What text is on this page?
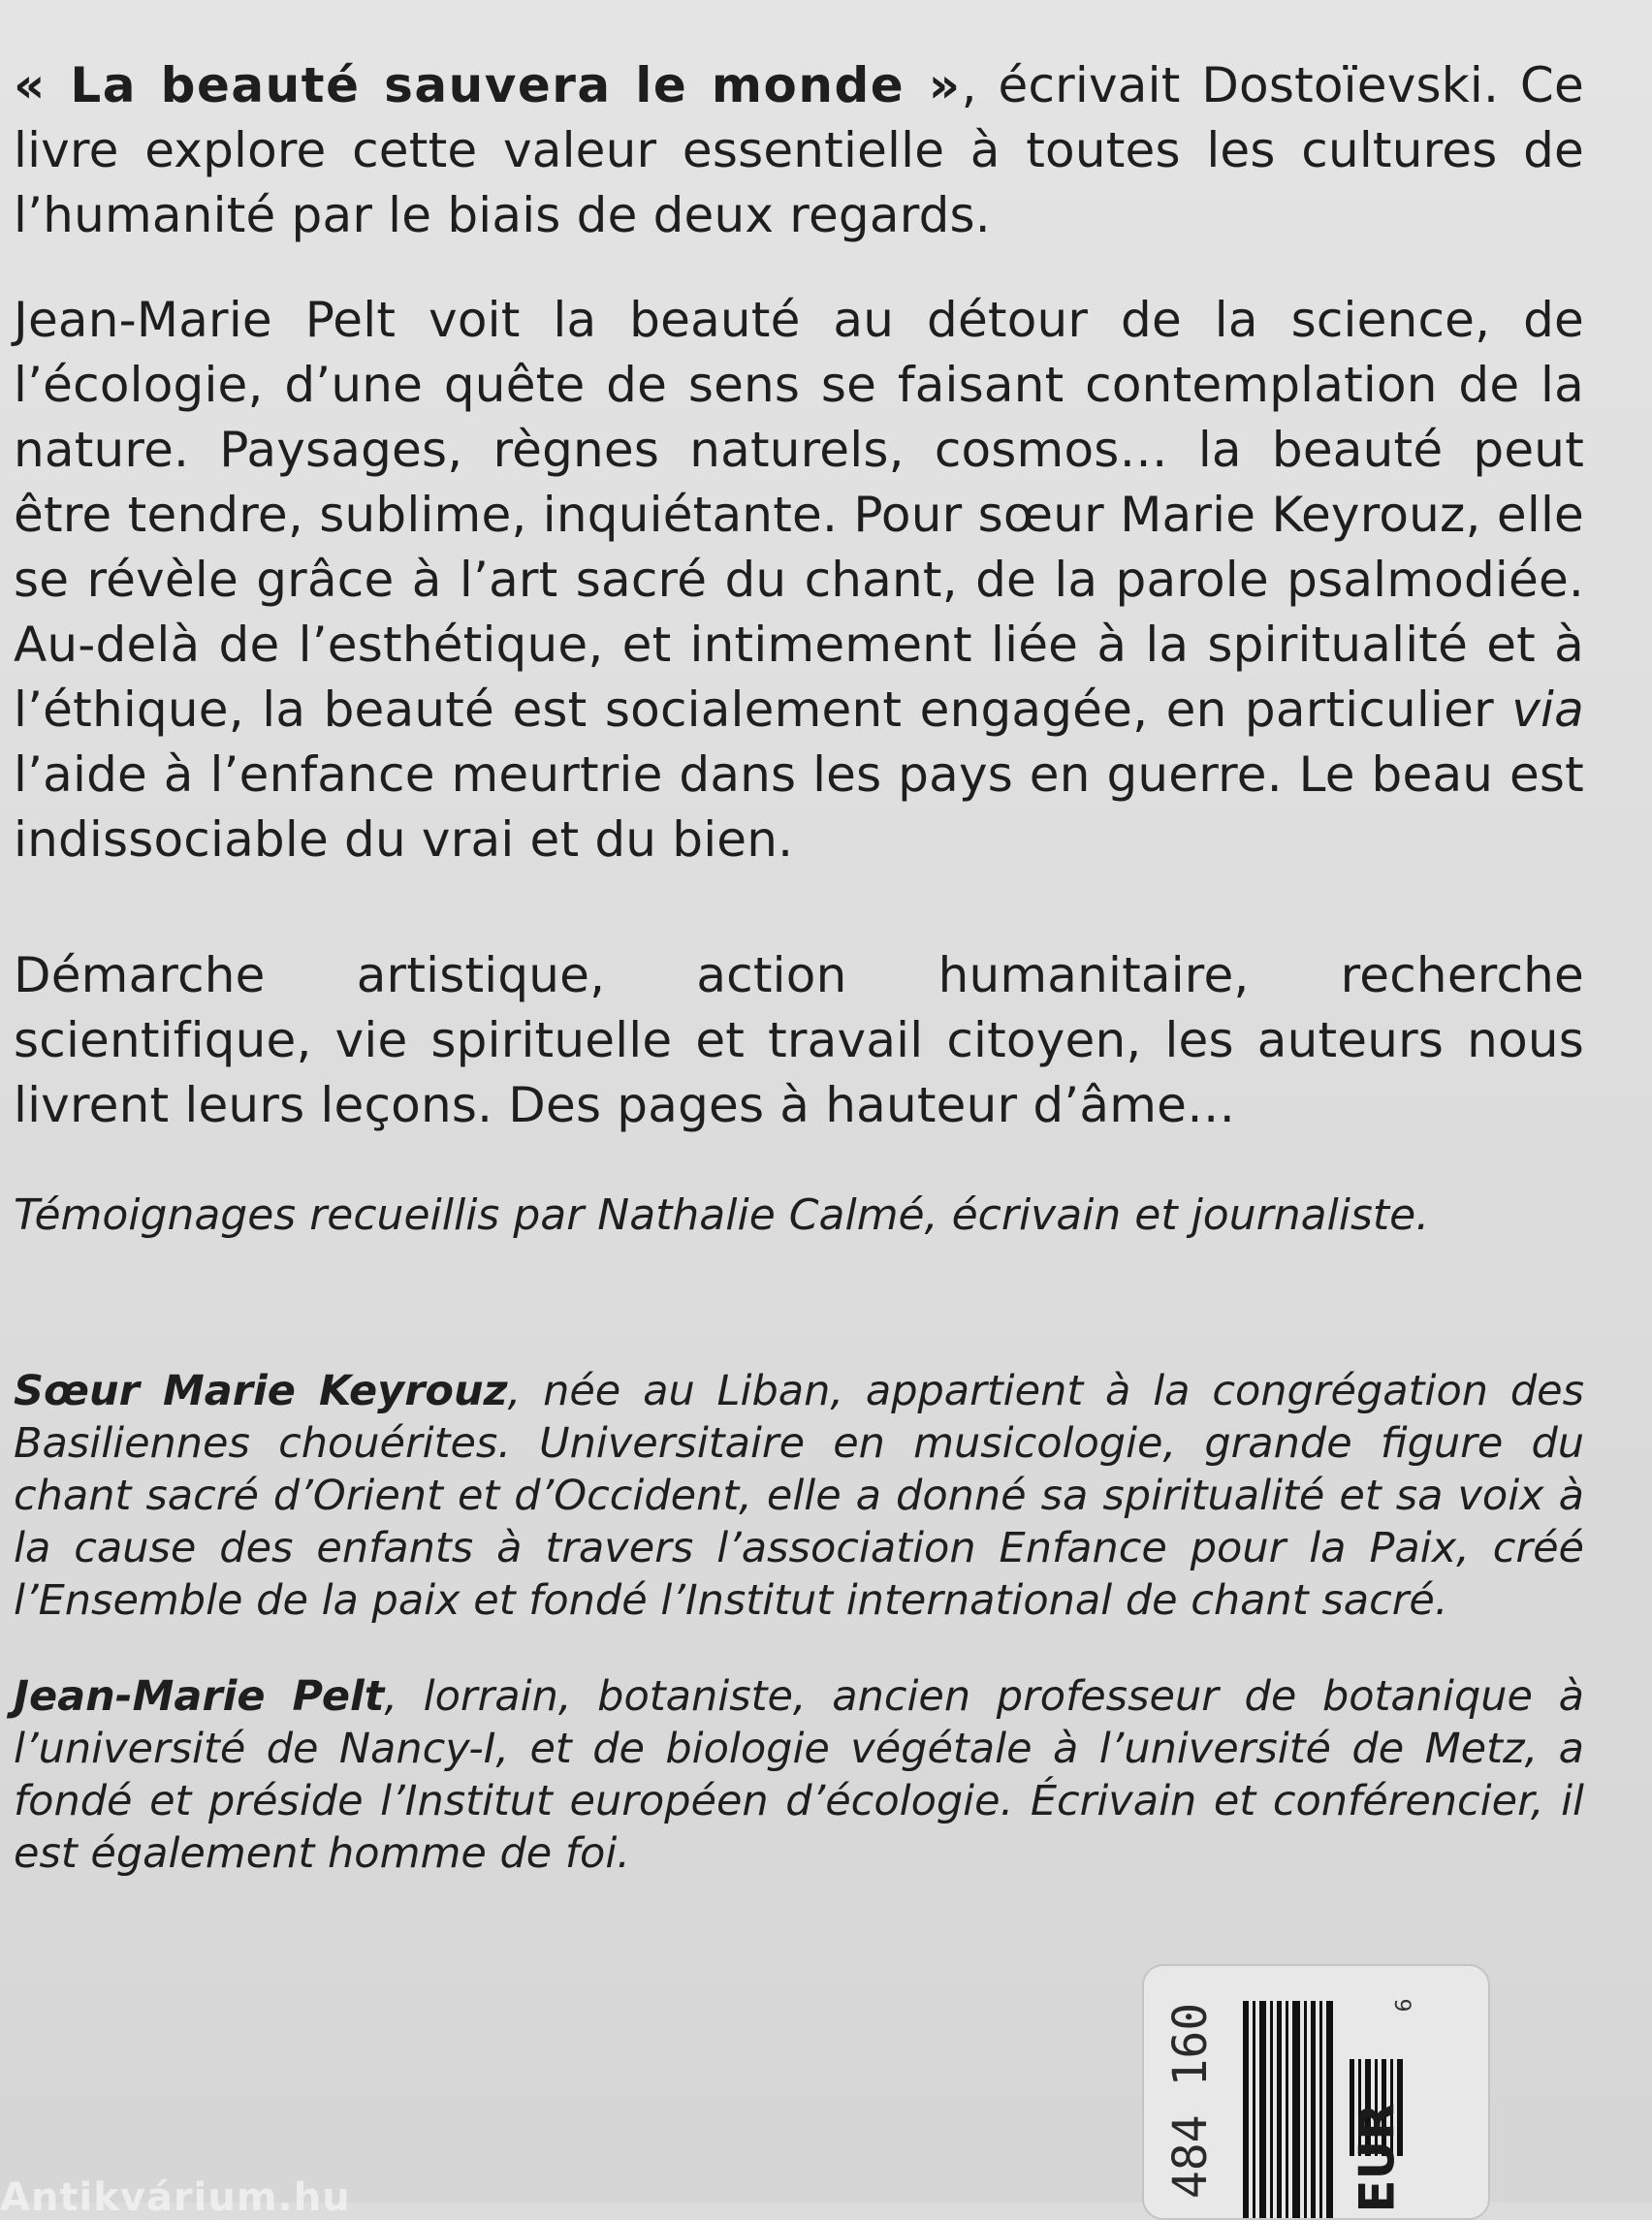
« La beauté sauvera le monde », écrivait Dostoïevski. Ce livre explore cette valeur essentielle à toutes les cultures de l’humanité par le biais de deux regards.

Jean-Marie Pelt voit la beauté au détour de la science, de l’écologie, d’une quête de sens se faisant contemplation de la nature. Paysages, règnes naturels, cosmos… la beauté peut être tendre, sublime, inquiétante. Pour sœur Marie Keyrouz, elle se révèle grâce à l’art sacré du chant, de la parole psalmodiée. Au-delà de l’esthétique, et intimement liée à la spiritualité et à l’éthique, la beauté est socialement engagée, en particulier via l’aide à l’enfance meurtrie dans les pays en guerre. Le beau est indissociable du vrai et du bien.

Démarche artistique, action humanitaire, recherche scientifique, vie spirituelle et travail citoyen, les auteurs nous livrent leurs leçons. Des pages à hauteur d’âme…

Témoignages recueillis par Nathalie Calmé, écrivain et journaliste.

Sœur Marie Keyrouz, née au Liban, appartient à la congrégation des Basiliennes chouérites. Universitaire en musicologie, grande figure du chant sacré d’Orient et d’Occident, elle a donné sa spiritualité et sa voix à la cause des enfants à travers l’association Enfance pour la Paix, créé l’Ensemble de la paix et fondé l’Institut international de chant sacré.

Jean-Marie Pelt, lorrain, botaniste, ancien professeur de botanique à l’université de Nancy-I, et de biologie végétale à l’université de Metz, a fondé et préside l’Institut européen d’écologie. Écrivain et conférencier, il est également homme de foi.

484 160	EUR
6
Antikvárium.hu
